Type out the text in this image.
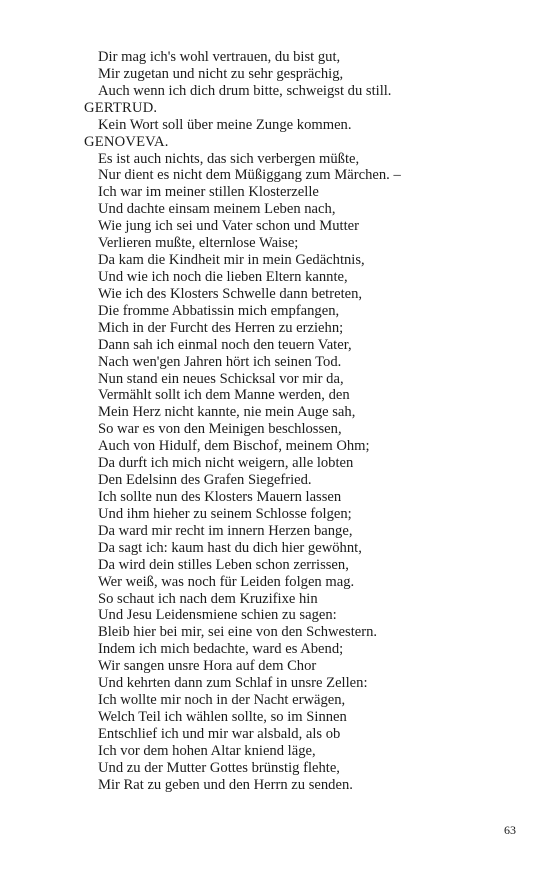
Dir mag ich's wohl vertrauen, du bist gut,
Mir zugetan und nicht zu sehr gesprächig,
Auch wenn ich dich drum bitte, schweigst du still.
GERTRUD.
Kein Wort soll über meine Zunge kommen.
GENOVEVA.
Es ist auch nichts, das sich verbergen müßte,
Nur dient es nicht dem Müßiggang zum Märchen. –
Ich war im meiner stillen Klosterzelle
Und dachte einsam meinem Leben nach,
Wie jung ich sei und Vater schon und Mutter
Verlieren mußte, elternlose Waise;
Da kam die Kindheit mir in mein Gedächtnis,
Und wie ich noch die lieben Eltern kannte,
Wie ich des Klosters Schwelle dann betreten,
Die fromme Abbatissin mich empfangen,
Mich in der Furcht des Herren zu erziehn;
Dann sah ich einmal noch den teuern Vater,
Nach wen'gen Jahren hört ich seinen Tod.
Nun stand ein neues Schicksal vor mir da,
Vermählt sollt ich dem Manne werden, den
Mein Herz nicht kannte, nie mein Auge sah,
So war es von den Meinigen beschlossen,
Auch von Hidulf, dem Bischof, meinem Ohm;
Da durft ich mich nicht weigern, alle lobten
Den Edelsinn des Grafen Siegefried.
Ich sollte nun des Klosters Mauern lassen
Und ihm hieher zu seinem Schlosse folgen;
Da ward mir recht im innern Herzen bange,
Da sagt ich: kaum hast du dich hier gewöhnt,
Da wird dein stilles Leben schon zerrissen,
Wer weiß, was noch für Leiden folgen mag.
So schaut ich nach dem Kruzifixe hin
Und Jesu Leidensmiene schien zu sagen:
Bleib hier bei mir, sei eine von den Schwestern.
Indem ich mich bedachte, ward es Abend;
Wir sangen unsre Hora auf dem Chor
Und kehrten dann zum Schlaf in unsre Zellen:
Ich wollte mir noch in der Nacht erwägen,
Welch Teil ich wählen sollte, so im Sinnen
Entschlief ich und mir war alsbald, als ob
Ich vor dem hohen Altar kniend läge,
Und zu der Mutter Gottes brünstig flehte,
Mir Rat zu geben und den Herrn zu senden.
63
